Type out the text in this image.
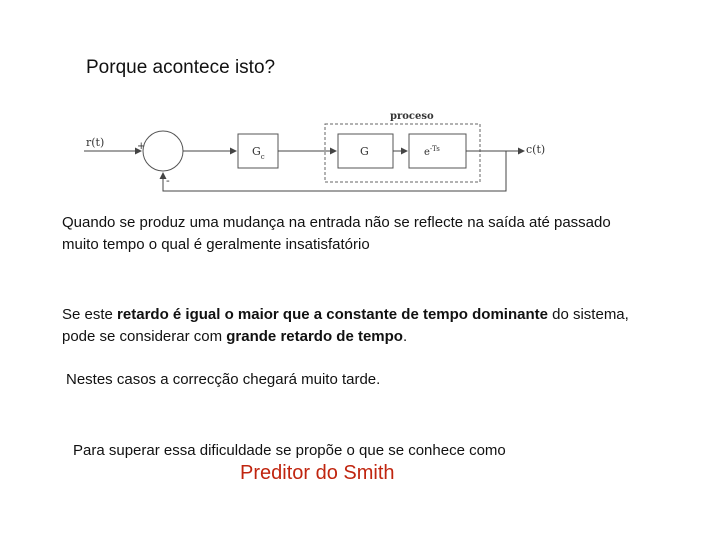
Porque acontece isto?
r(t)	+
-
$G_c$
proceso
G	$e^{-Ts}$	c(t)
Quando se produz uma mudança na entrada não se reflecte na saída até passado
muito tempo o qual é geralmente insatisfatório
Se este retardo é igual o maior que a constante de tempo dominante do sistema,
pode se considerar com grande retardo de tempo.
Nestes casos a correcção chegará muito tarde.
Para superar essa dificuldade se propõe o que se conhece como
Preditor do Smith
